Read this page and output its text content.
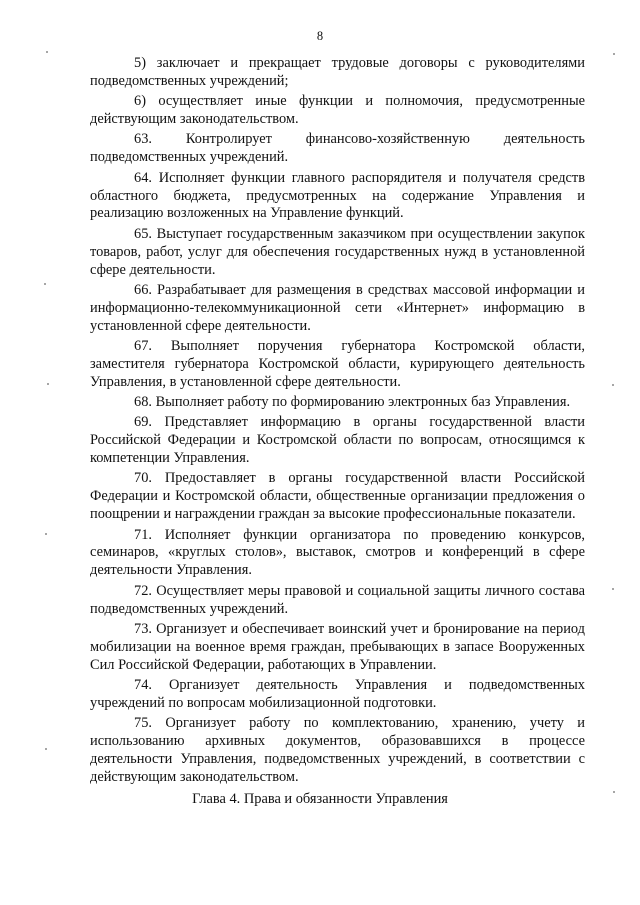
8

5) заключает и прекращает трудовые договоры с руководителями подведомственных учреждений;

6) осуществляет иные функции и полномочия, предусмотренные действующим законодательством.

63. Контролирует финансово-хозяйственную деятельность подведомственных учреждений.

64. Исполняет функции главного распорядителя и получателя средств областного бюджета, предусмотренных на содержание Управления и реализацию возложенных на Управление функций.

65. Выступает государственным заказчиком при осуществлении закупок товаров, работ, услуг для обеспечения государственных нужд в установленной сфере деятельности.

66. Разрабатывает для размещения в средствах массовой информации и информационно-телекоммуникационной сети «Интернет» информацию в установленной сфере деятельности.

67. Выполняет поручения губернатора Костромской области, заместителя губернатора Костромской области, курирующего деятельность Управления, в установленной сфере деятельности.

68. Выполняет работу по формированию электронных баз Управления.

69. Представляет информацию в органы государственной власти Российской Федерации и Костромской области по вопросам, относящимся к компетенции Управления.

70. Предоставляет в органы государственной власти Российской Федерации и Костромской области, общественные организации предложения о поощрении и награждении граждан за высокие профессиональные показатели.

71. Исполняет функции организатора по проведению конкурсов, семинаров, «круглых столов», выставок, смотров и конференций в сфере деятельности Управления.

72. Осуществляет меры правовой и социальной защиты личного состава подведомственных учреждений.

73. Организует и обеспечивает воинский учет и бронирование на период мобилизации на военное время граждан, пребывающих в запасе Вооруженных Сил Российской Федерации, работающих в Управлении.

74. Организует деятельность Управления и подведомственных учреждений по вопросам мобилизационной подготовки.

75. Организует работу по комплектованию, хранению, учету и использованию архивных документов, образовавшихся в процессе деятельности Управления, подведомственных учреждений, в соответствии с действующим законодательством.

Глава 4. Права и обязанности Управления
